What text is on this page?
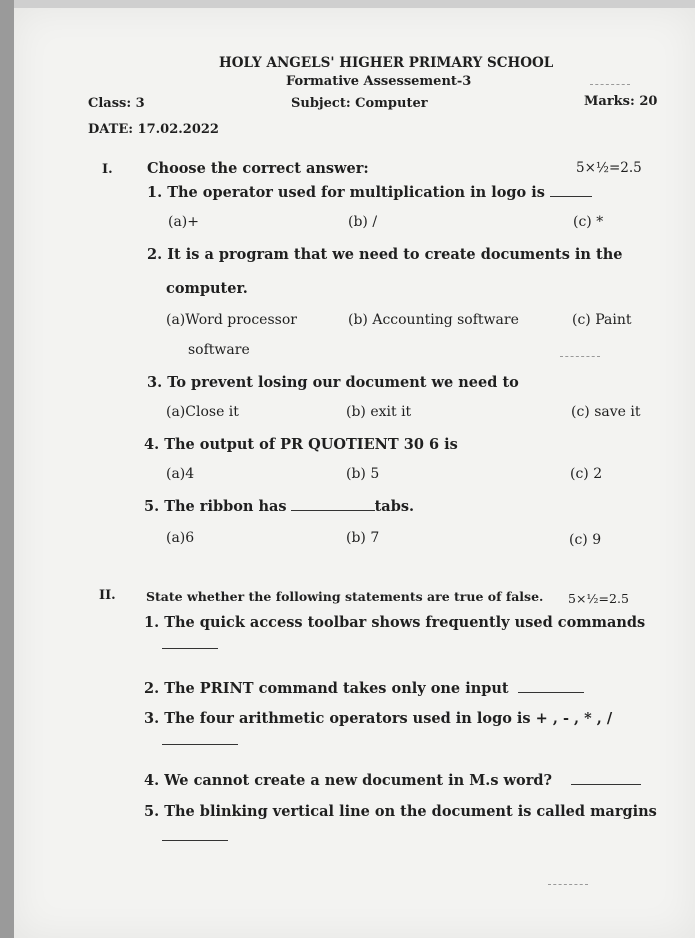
HOLY ANGELS' HIGHER PRIMARY SCHOOL
Formative Assessement-3
Class: 3	Subject: Computer	Marks: 20
DATE: 17.02.2022
I. Choose the correct answer:	5×½=2.5
1. The operator used for multiplication in logo is
(a)+	(b) /	(c) *
2. It is a program that we need to create documents in the
computer.
(a)Word processor	(b) Accounting software	(c) Paint
software
3. To prevent losing our document we need to
(a)Close it	(b) exit it	(c) save it
4. The output of PR QUOTIENT 30 6 is
(a)4	(b) 5	(c) 2
5. The ribbon has	tabs.
(a)6	(b) 7	(c) 9
II. State whether the following statements are true of false. 5×½=2.5
1. The quick access toolbar shows frequently used commands
2. The PRINT command takes only one input
3. The four arithmetic operators used in logo is + , - , * , /
4. We cannot create a new document in M.s word?
5. The blinking vertical line on the document is called margins
